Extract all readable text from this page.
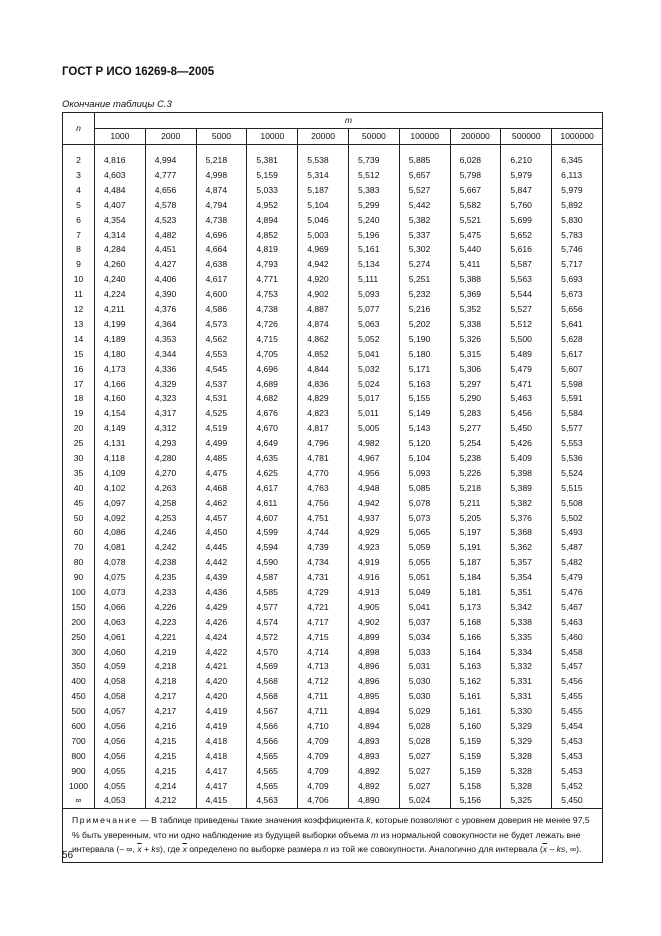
ГОСТ Р ИСО 16269-8—2005
Окончание таблицы С.3
n	m									
	1000	2000	5000	10000	20000	50000	100000	200000	500000	1000000

2	4,816	4,994	5,218	5,381	5,538	5,739	5,885	6,028	6,210	6,345
3	4,603	4,777	4,998	5,159	5,314	5,512	5,657	5,798	5,979	6,113
4	4,484	4,656	4,874	5,033	5,187	5,383	5,527	5,667	5,847	5,979
5	4,407	4,578	4,794	4,952	5,104	5,299	5,442	5,582	5,760	5,892
6	4,354	4,523	4,738	4,894	5,046	5,240	5,382	5,521	5,699	5,830
7	4,314	4,482	4,696	4,852	5,003	5,196	5,337	5,475	5,652	5,783
8	4,284	4,451	4,664	4,819	4,969	5,161	5,302	5,440	5,616	5,746
9	4,260	4,427	4,638	4,793	4,942	5,134	5,274	5,411	5,587	5,717
10	4,240	4,406	4,617	4,771	4,920	5,111	5,251	5,388	5,563	5,693
11	4,224	4,390	4,600	4,753	4,902	5,093	5,232	5,369	5,544	5,673
12	4,211	4,376	4,586	4,738	4,887	5,077	5,216	5,352	5,527	5,656
13	4,199	4,364	4,573	4,726	4,874	5,063	5,202	5,338	5,512	5,641
14	4,189	4,353	4,562	4,715	4,862	5,052	5,190	5,326	5,500	5,628
15	4,180	4,344	4,553	4,705	4,852	5,041	5,180	5,315	5,489	5,617
16	4,173	4,336	4,545	4,696	4,844	5,032	5,171	5,306	5,479	5,607
17	4,166	4,329	4,537	4,689	4,836	5,024	5,163	5,297	5,471	5,598
18	4,160	4,323	4,531	4,682	4,829	5,017	5,155	5,290	5,463	5,591
19	4,154	4,317	4,525	4,676	4,823	5,011	5,149	5,283	5,456	5,584
20	4,149	4,312	4,519	4,670	4,817	5,005	5,143	5,277	5,450	5,577
25	4,131	4,293	4,499	4,649	4,796	4,982	5,120	5,254	5,426	5,553
30	4,118	4,280	4,485	4,635	4,781	4,967	5,104	5,238	5,409	5,536
35	4,109	4,270	4,475	4,625	4,770	4,956	5,093	5,226	5,398	5,524
40	4,102	4,263	4,468	4,617	4,763	4,948	5,085	5,218	5,389	5,515
45	4,097	4,258	4,462	4,611	4,756	4,942	5,078	5,211	5,382	5,508
50	4,092	4,253	4,457	4,607	4,751	4,937	5,073	5,205	5,376	5,502
60	4,086	4,246	4,450	4,599	4,744	4,929	5,065	5,197	5,368	5,493
70	4,081	4,242	4,445	4,594	4,739	4,923	5,059	5,191	5,362	5,487
80	4,078	4,238	4,442	4,590	4,734	4,919	5,055	5,187	5,357	5,482
90	4,075	4,235	4,439	4,587	4,731	4,916	5,051	5,184	5,354	5,479
100	4,073	4,233	4,436	4,585	4,729	4,913	5,049	5,181	5,351	5,476
150	4,066	4,226	4,429	4,577	4,721	4,905	5,041	5,173	5,342	5,467
200	4,063	4,223	4,426	4,574	4,717	4,902	5,037	5,168	5,338	5,463
250	4,061	4,221	4,424	4,572	4,715	4,899	5,034	5,166	5,335	5,460
300	4,060	4,219	4,422	4,570	4,714	4,898	5,033	5,164	5,334	5,458
350	4,059	4,218	4,421	4,569	4,713	4,896	5,031	5,163	5,332	5,457
400	4,058	4,218	4,420	4,568	4,712	4,896	5,030	5,162	5,331	5,456
450	4,058	4,217	4,420	4,568	4,711	4,895	5,030	5,161	5,331	5,455
500	4,057	4,217	4,419	4,567	4,711	4,894	5,029	5,161	5,330	5,455
600	4,056	4,216	4,419	4,566	4,710	4,894	5,028	5,160	5,329	5,454
700	4,056	4,215	4,418	4,566	4,709	4,893	5,028	5,159	5,329	5,453
800	4,056	4,215	4,418	4,565	4,709	4,893	5,027	5,159	5,328	5,453
900	4,055	4,215	4,417	4,565	4,709	4,892	5,027	5,159	5,328	5,453
1000	4,055	4,214	4,417	4,565	4,709	4,892	5,027	5,158	5,328	5,452
∞	4,053	4,212	4,415	4,563	4,706	4,890	5,024	5,156	5,325	5,450
Примечание — В таблице приведены такие значения коэффициента k, которые позволяют с уровнем доверия не менее 97,5 % быть уверенным, что ни одно наблюдение из будущей выборки объема m из нормальной совокупности не будет лежать вне интервала (– ∞, $\overline{x} + ks$), где $\overline{x}$ определено по выборке размера n из той же совокупности. Аналогично для интервала ($\overline{x}$ – ks, ∞).										
56
